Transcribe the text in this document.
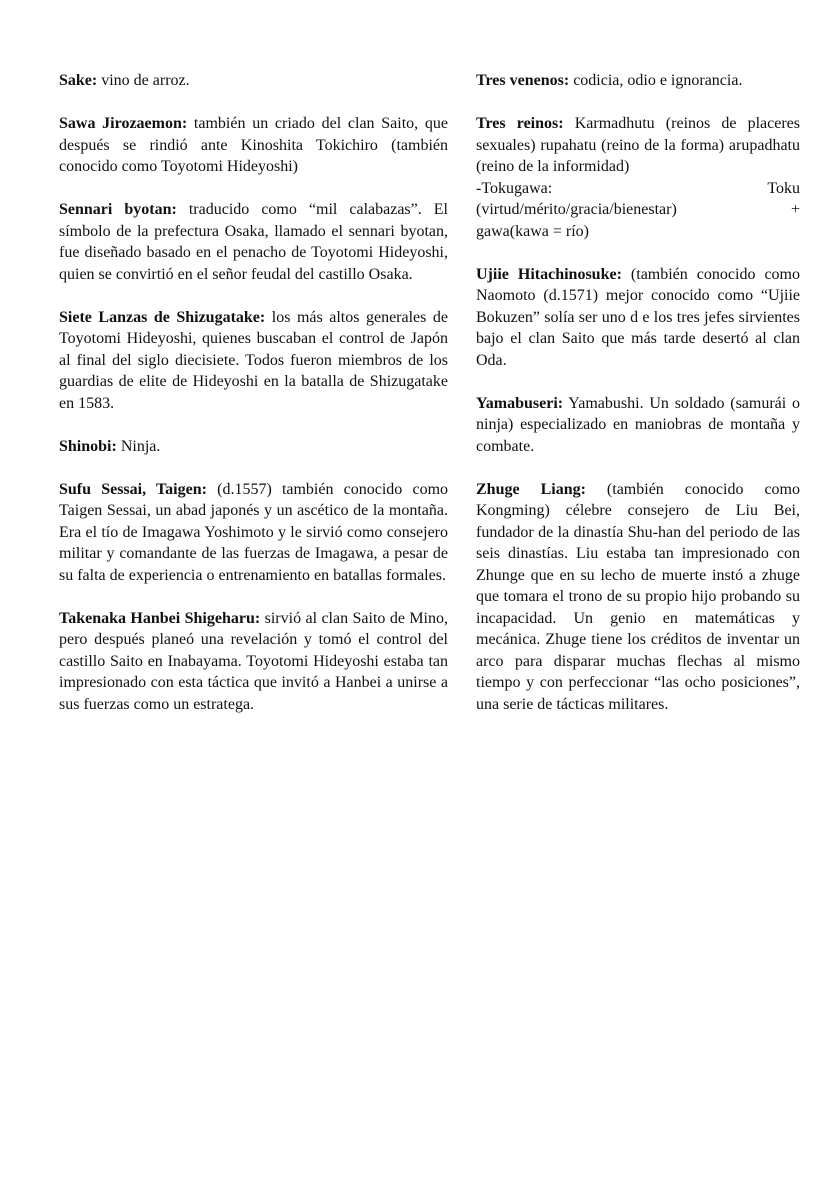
Sake: vino de arroz.

Sawa Jirozaemon: también un criado del clan Saito, que después se rindió ante Kinoshita Tokichiro (también conocido como Toyotomi Hideyoshi)

Sennari byotan: traducido como “mil calabazas”. El símbolo de la prefectura Osaka, llamado el sennari byotan, fue diseñado basado en el penacho de Toyotomi Hideyoshi, quien se convirtió en el señor feudal del castillo Osaka.

Siete Lanzas de Shizugatake: los más altos generales de Toyotomi Hideyoshi, quienes buscaban el control de Japón al final del siglo diecisiete. Todos fueron miembros de los guardias de elite de Hideyoshi en la batalla de Shizugatake en 1583.

Shinobi: Ninja.

Sufu Sessai, Taigen: (d.1557) también conocido como Taigen Sessai, un abad japonés y un ascético de la montaña. Era el tío de Imagawa Yoshimoto y le sirvió como consejero militar y comandante de las fuerzas de Imagawa, a pesar de su falta de experiencia o entrenamiento en batallas formales.

Takenaka Hanbei Shigeharu: sirvió al clan Saito de Mino, pero después planeó una revelación y tomó el control del castillo Saito en Inabayama. Toyotomi Hideyoshi estaba tan impresionado con esta táctica que invitó a Hanbei a unirse a sus fuerzas como un estratega.

Tres venenos: codicia, odio e ignorancia.

Tres reinos: Karmadhutu (reinos de placeres sexuales) rupahatu (reino de la forma) arupadhatu (reino de la informidad)
-Tokugawa:	Toku
(virtud/mérito/gracia/bienestar)	+
gawa(kawa = río)

Ujiie Hitachinosuke: (también conocido como Naomoto (d.1571) mejor conocido como “Ujiie Bokuzen” solía ser uno d e los tres jefes sirvientes bajo el clan Saito que más tarde desertó al clan Oda.

Yamabuseri: Yamabushi. Un soldado (samurái o ninja) especializado en maniobras de montaña y combate.

Zhuge Liang: (también conocido como Kongming) célebre consejero de Liu Bei, fundador de la dinastía Shu-han del periodo de las seis dinastías. Liu estaba tan impresionado con Zhunge que en su lecho de muerte instó a zhuge que tomara el trono de su propio hijo probando su incapacidad. Un genio en matemáticas y mecánica. Zhuge tiene los créditos de inventar un arco para disparar muchas flechas al mismo tiempo y con perfeccionar “las ocho posiciones”, una serie de tácticas militares.
